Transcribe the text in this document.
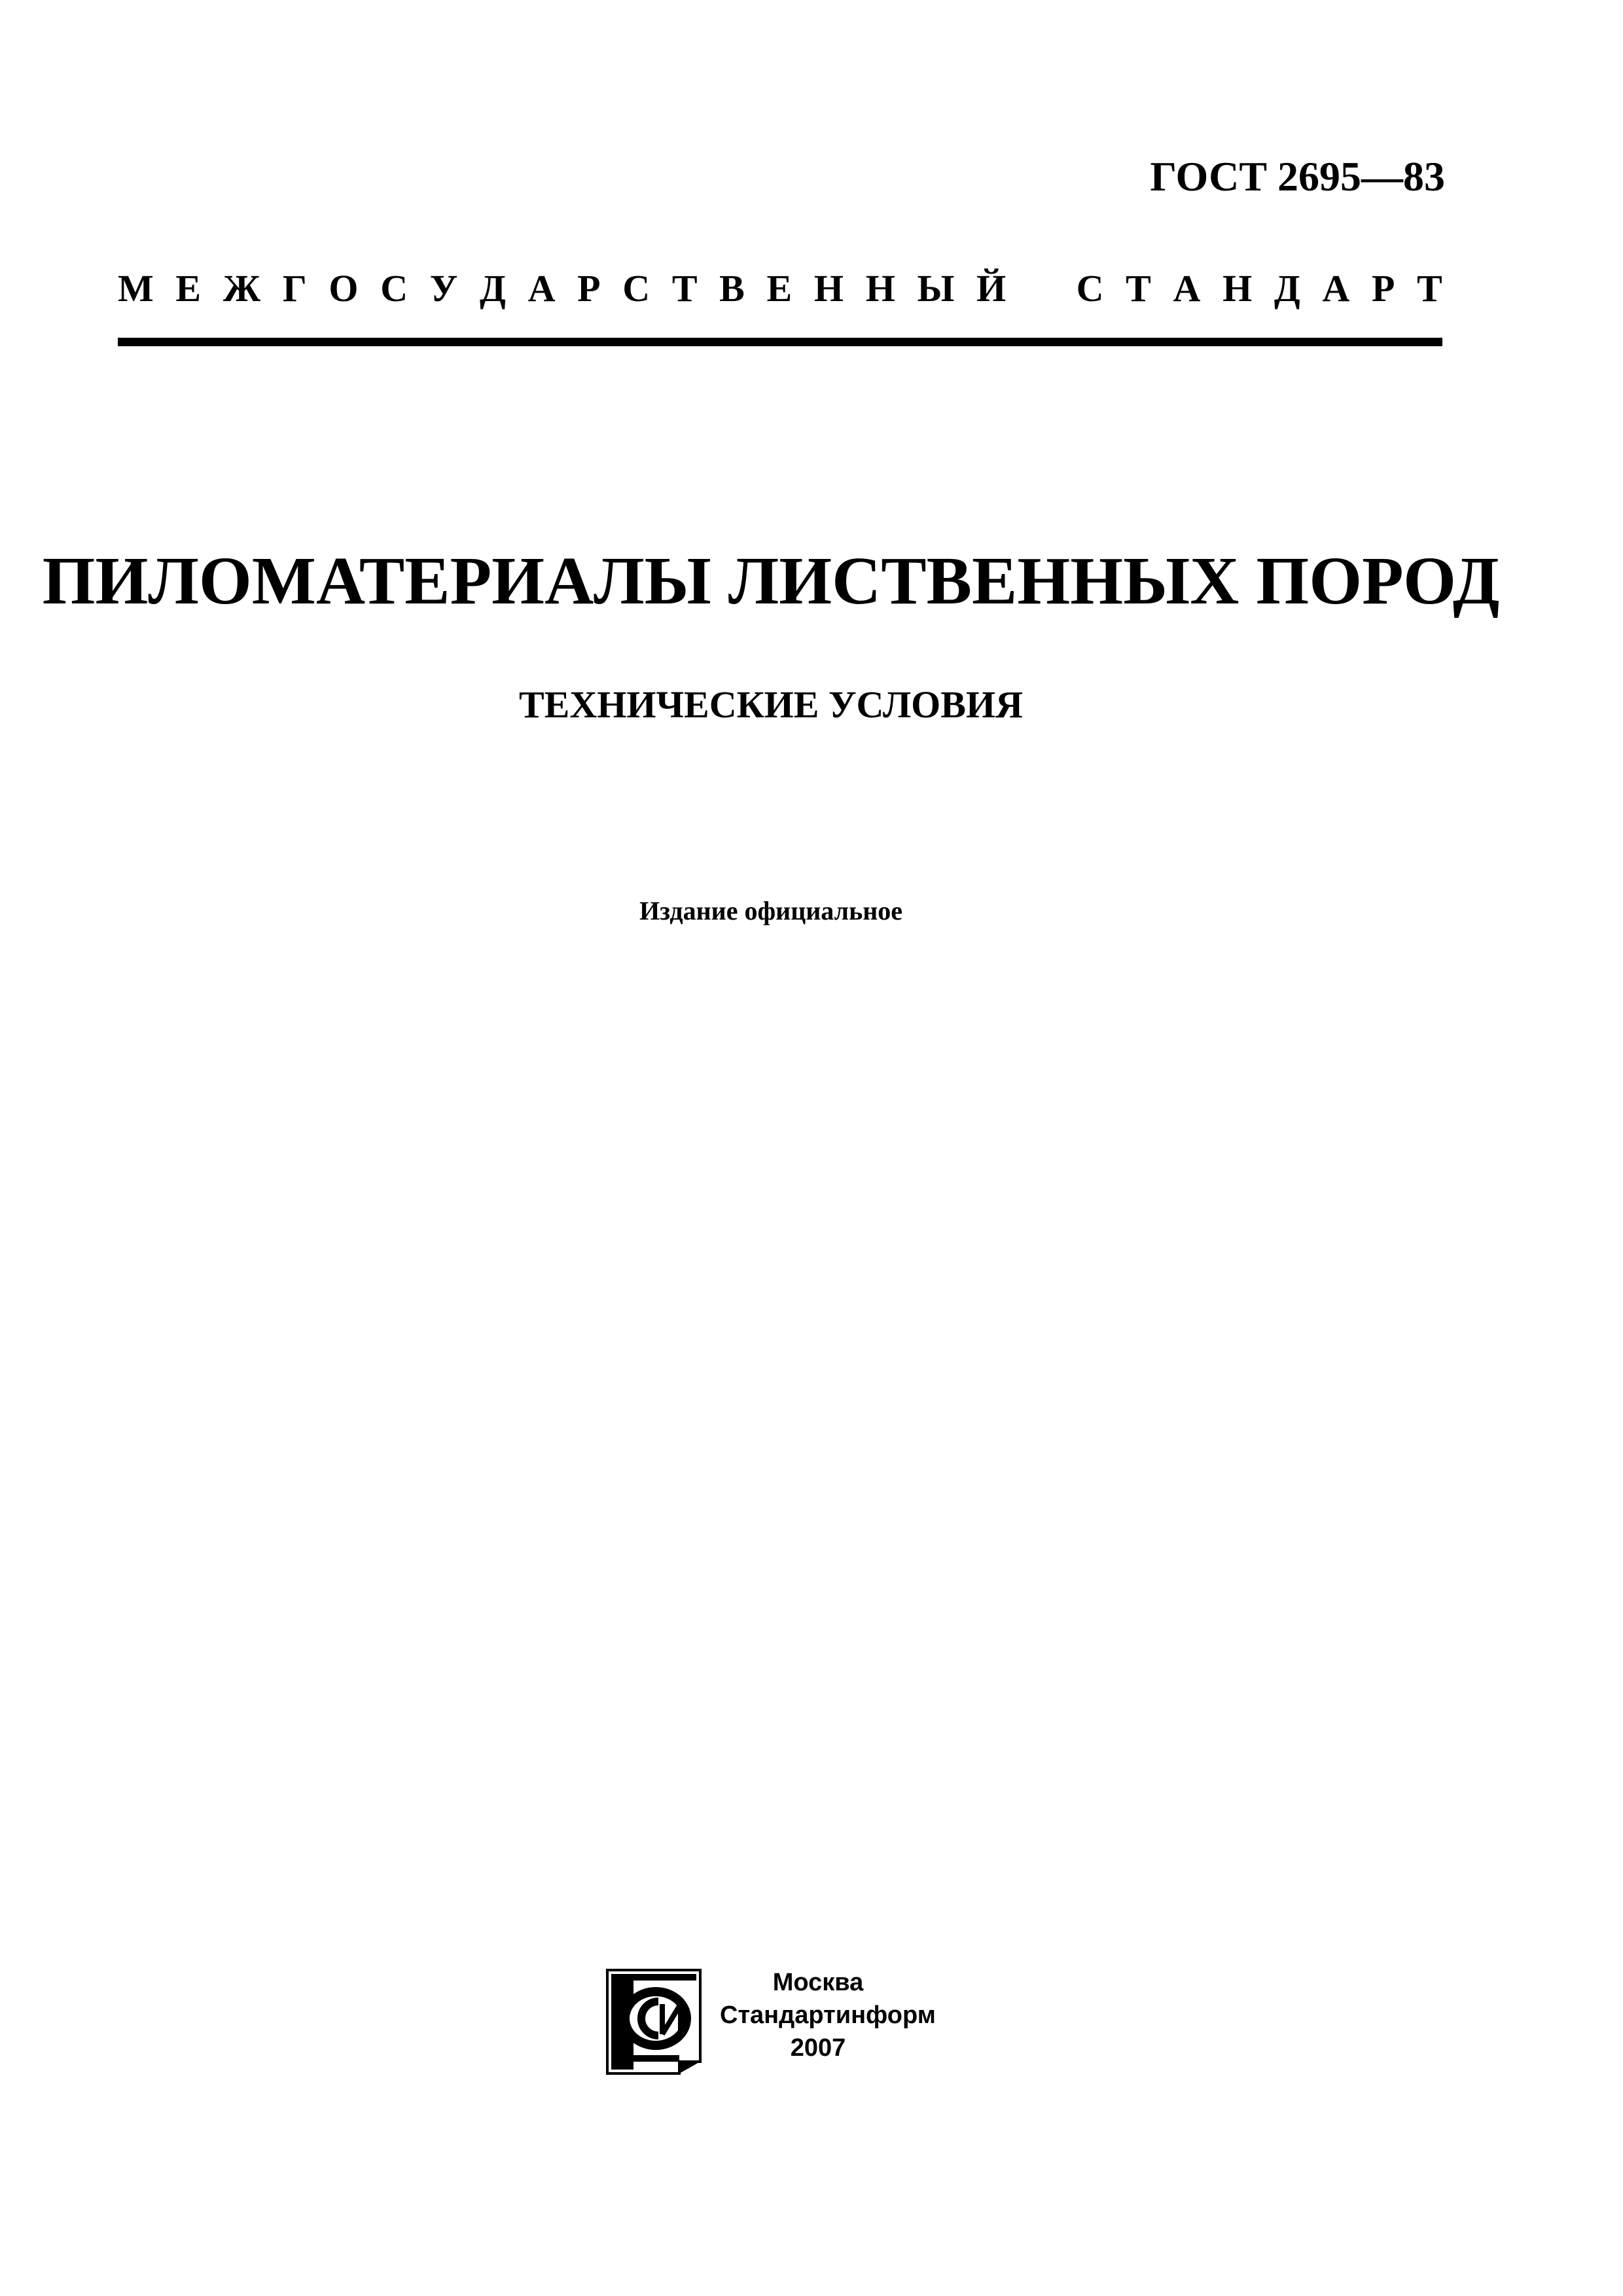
ГОСТ 2695—83
М Е Ж Г О С У Д А Р С Т В Е Н Н Ы Й
С Т А Н Д А Р Т
ПИЛОМАТЕРИАЛЫ ЛИСТВЕННЫХ ПОРОД
ТЕХНИЧЕСКИЕ УСЛОВИЯ
Издание официальное
Москва
Стандартинформ
2007
